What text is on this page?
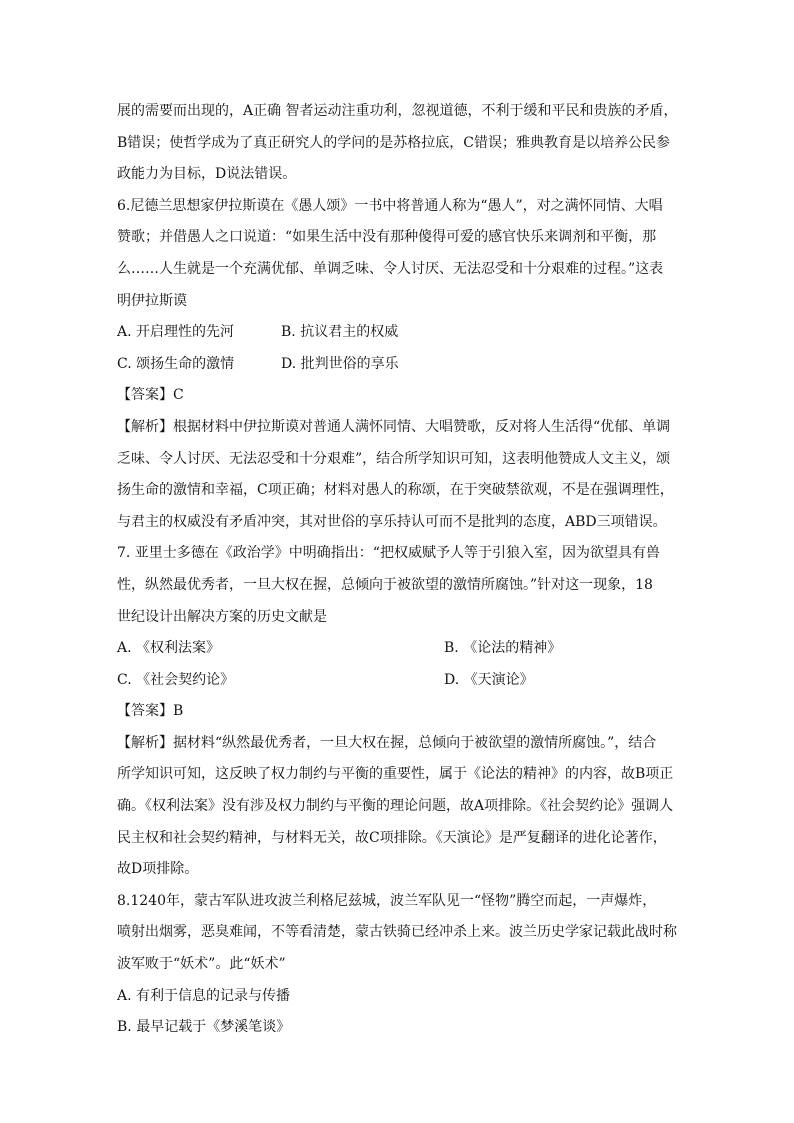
展的需要而出现的，A正确 智者运动注重功利，忽视道德，不利于缓和平民和贵族的矛盾，
B错误；使哲学成为了真正研究人的学问的是苏格拉底，C错误；雅典教育是以培养公民参
政能力为目标，D说法错误。
6.尼德兰思想家伊拉斯谟在《愚人颂》一书中将普通人称为“愚人”，对之满怀同情、大唱
赞歌；并借愚人之口说道：“如果生活中没有那种傻得可爱的感官快乐来调剂和平衡，那
么……人生就是一个充满优郁、单调乏味、令人讨厌、无法忍受和十分艰难的过程。”这表
明伊拉斯谟
A. 开启理性的先河	B. 抗议君主的权威
C. 颂扬生命的激情	D. 批判世俗的享乐
【答案】C
【解析】根据材料中伊拉斯谟对普通人满怀同情、大唱赞歌，反对将人生活得“优郁、单调
乏味、令人讨厌、无法忍受和十分艰难”，结合所学知识可知，这表明他赞成人文主义，颂
扬生命的激情和幸福，C项正确；材料对愚人的称颂，在于突破禁欲观，不是在强调理性，
与君主的权威没有矛盾冲突，其对世俗的享乐持认可而不是批判的态度，ABD三项错误。
7. 亚里士多德在《政治学》中明确指出：“把权威赋予人等于引狼入室，因为欲望具有兽
性，纵然最优秀者，一旦大权在握，总倾向于被欲望的激情所腐蚀。”针对这一现象，18
世纪设计出解决方案的历史文献是
A. 《权利法案》	B. 《论法的精神》
C. 《社会契约论》	D. 《天演论》
【答案】B
【解析】据材料“纵然最优秀者，一旦大权在握，总倾向于被欲望的激情所腐蚀。”，结合
所学知识可知，这反映了权力制约与平衡的重要性，属于《论法的精神》的内容，故B项正
确。《权利法案》没有涉及权力制约与平衡的理论问题，故A项排除。《社会契约论》强调人
民主权和社会契约精神，与材料无关，故C项排除。《天演论》是严复翻译的进化论著作，
故D项排除。
8.1240年，蒙古军队进攻波兰利格尼兹城，波兰军队见一“怪物”腾空而起，一声爆炸，
喷射出烟雾，恶臭难闻，不等看清楚，蒙古铁骑已经冲杀上来。波兰历史学家记载此战时称
波军败于“妖术”。此“妖术”
A. 有利于信息的记录与传播
B. 最早记载于《梦溪笔谈》
